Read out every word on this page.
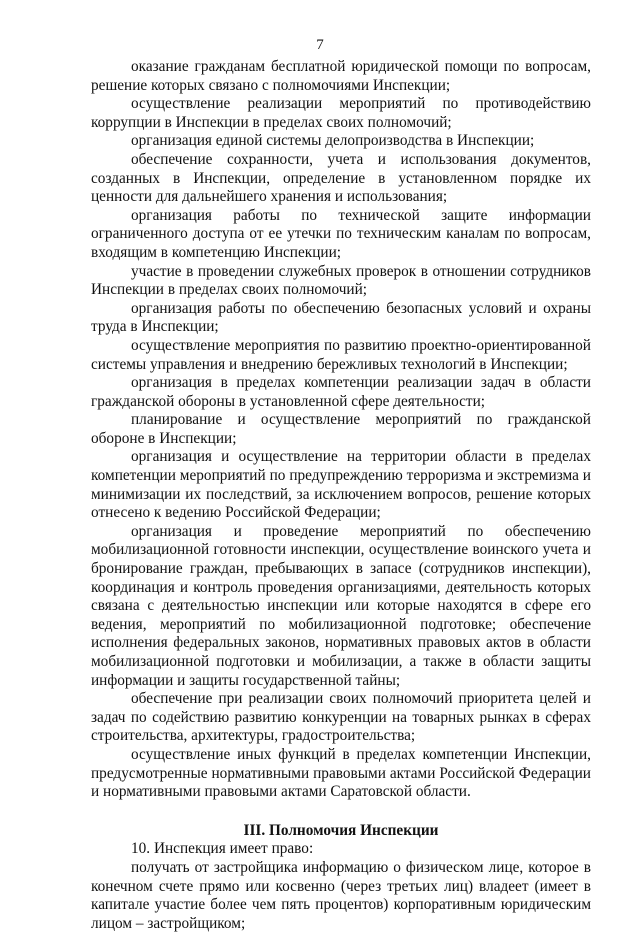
7

оказание гражданам бесплатной юридической помощи по вопросам, решение которых связано с полномочиями Инспекции;

осуществление реализации мероприятий по противодействию коррупции в Инспекции в пределах своих полномочий;

организация единой системы делопроизводства в Инспекции;

обеспечение сохранности, учета и использования документов, созданных в Инспекции, определение в установленном порядке их ценности для дальнейшего хранения и использования;

организация работы по технической защите информации ограниченного доступа от ее утечки по техническим каналам по вопросам, входящим в компетенцию Инспекции;

участие в проведении служебных проверок в отношении сотрудников Инспекции в пределах своих полномочий;

организация работы по обеспечению безопасных условий и охраны труда в Инспекции;

осуществление мероприятия по развитию проектно-ориентированной системы управления и внедрению бережливых технологий в Инспекции;

организация в пределах компетенции реализации задач в области гражданской обороны в установленной сфере деятельности;

планирование и осуществление мероприятий по гражданской обороне в Инспекции;

организация и осуществление на территории области в пределах компетенции мероприятий по предупреждению терроризма и экстремизма и минимизации их последствий, за исключением вопросов, решение которых отнесено к ведению Российской Федерации;

организация и проведение мероприятий по обеспечению мобилизационной готовности инспекции, осуществление воинского учета и бронирование граждан, пребывающих в запасе (сотрудников инспекции), координация и контроль проведения организациями, деятельность которых связана с деятельностью инспекции или которые находятся в сфере его ведения, мероприятий по мобилизационной подготовке; обеспечение исполнения федеральных законов, нормативных правовых актов в области мобилизационной подготовки и мобилизации, а также в области защиты информации и защиты государственной тайны;

обеспечение при реализации своих полномочий приоритета целей и задач по содействию развитию конкуренции на товарных рынках в сферах строительства, архитектуры, градостроительства;

осуществление иных функций в пределах компетенции Инспекции, предусмотренные нормативными правовыми актами Российской Федерации и нормативными правовыми актами Саратовской области.

III. Полномочия Инспекции

10. Инспекция имеет право:

получать от застройщика информацию о физическом лице, которое в конечном счете прямо или косвенно (через третьих лиц) владеет (имеет в капитале участие более чем пять процентов) корпоративным юридическим лицом – застройщиком;
